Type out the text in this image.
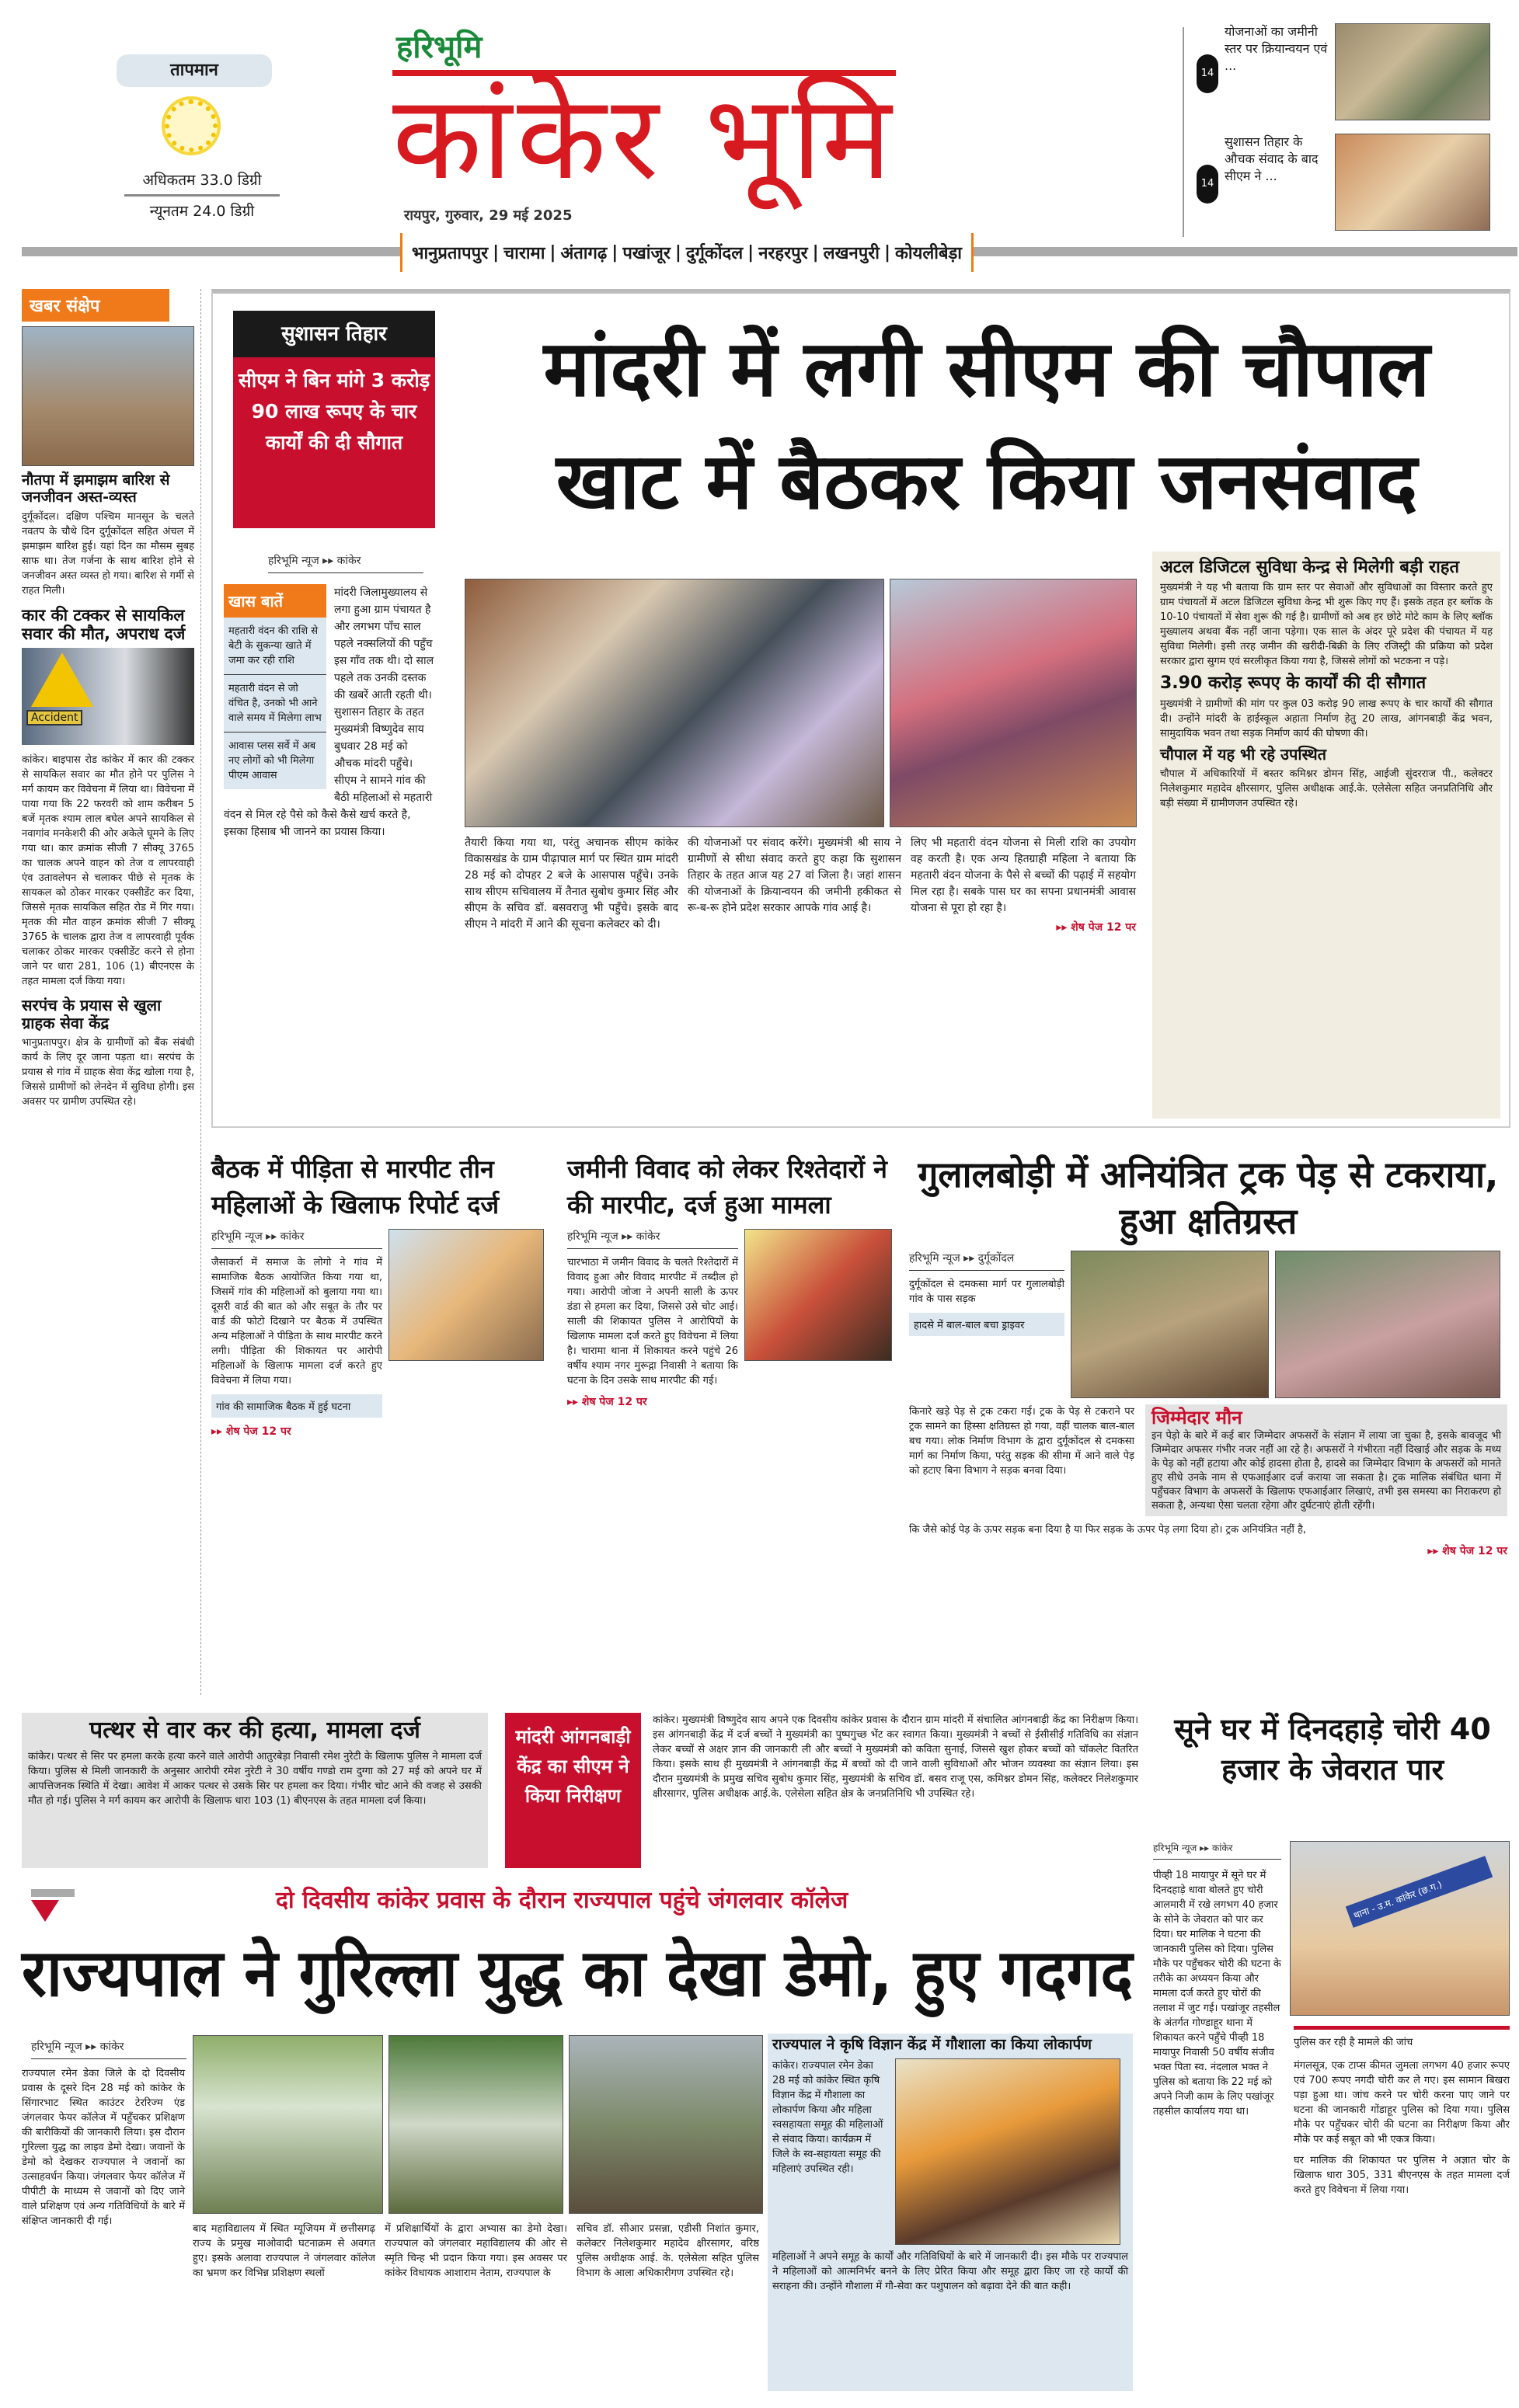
तापमान
अधिकतम 33.0 डिग्री
न्यूनतम 24.0 डिग्री
हरिभूमि
कांकेर भूमि
रायपुर, गुरुवार, 29 मई 2025
भानुप्रतापपुर | चारामा | अंतागढ़ | पखांजूर | दुर्गूकोंदल | नरहरपुर | लखनपुरी | कोयलीबेड़ा
14
योजनाओं का जमीनी स्तर पर क्रियान्वयन एवं ...
14
सुशासन तिहार के औचक संवाद के बाद सीएम ने ...
खबर संक्षेप
नौतपा में झमाझम बारिश से जनजीवन अस्त-व्यस्त
दुर्गूकोंदल। दक्षिण पश्चिम मानसून के चलते नवतप के चौथे दिन दुर्गूकोंदल सहित अंचल में झमाझम बारिश हुई। यहां दिन का मौसम सुबह साफ था। तेज गर्जना के साथ बारिश होने से जनजीवन अस्त व्यस्त हो गया। बारिश से गर्मी से राहत मिली।
कार की टक्कर से सायकिल सवार की मौत, अपराध दर्ज
Accident
कांकेर। बाइपास रोड कांकेर में कार की टक्कर से सायकिल सवार का मौत होने पर पुलिस ने मर्ग कायम कर विवेचना में लिया था। विवेचना में पाया गया कि 22 फरवरी को शाम करीबन 5 बजें मृतक श्याम लाल बघेल अपने सायकिल से नवागांव मनकेशरी की ओर अकेले घूमने के लिए गया था। कार क्रमांक सीजी 7 सीक्यू 3765 का चालक अपने वाहन को तेज व लापरवाही एंव उतावलेपन से चलाकर पीछे से मृतक के सायकल को ठोकर मारकर एक्सीडेंट कर दिया, जिससे मृतक सायकिल सहित रोड में गिर गया। मृतक की मौत वाहन क्रमांक सीजी 7 सीक्यू 3765 के चालक द्वारा तेज व लापरवाही पूर्वक चलाकर ठोकर मारकर एक्सीडेंट करने से होना जाने पर धारा 281, 106 (1) बीएनएस के तहत मामला दर्ज किया गया।
सरपंच के प्रयास से खुला ग्राहक सेवा केंद्र
भानुप्रतापपुर। क्षेत्र के ग्रामीणों को बैंक संबंधी कार्य के लिए दूर जाना पड़ता था। सरपंच के प्रयास से गांव में ग्राहक सेवा केंद्र खोला गया है, जिससे ग्रामीणों को लेनदेन में सुविधा होगी। इस अवसर पर ग्रामीण उपस्थित रहे।
सुशासन तिहार
सीएम ने बिन मांगे 3 करोड़ 90 लाख रूपए के चार कार्यों की दी सौगात
मांदरी में लगी सीएम की चौपाल
खाट में बैठकर किया जनसंवाद
हरिभूमि न्यूज ▸▸ कांकेर
खास बातें
महतारी वंदन की राशि से बेटी के सुकन्या खाते में जमा कर रही राशि
महतारी वंदन से जो वंचित है, उनको भी आने वाले समय में मिलेगा लाभ
आवास प्लस सर्वे में अब नए लोगों को भी मिलेगा पीएम आवास
मांदरी जिलामुख्यालय से लगा हुआ ग्राम पंचायत है और लगभग पाँच साल पहले नक्सलियों की पहुँच इस गाँव तक थी। दो साल पहले तक उनकी दस्तक की खबरें आती रहती थी। सुशासन तिहार के तहत मुख्यमंत्री विष्णुदेव साय बुधवार 28 मई को औचक मांदरी पहुँचे। सीएम ने सामने गांव की बैठी महिलाओं से महतारी वंदन से मिल रहे पैसे को कैसे कैसे खर्च करते है, इसका हिसाब भी जानने का प्रयास किया।
तैयारी किया गया था, परंतु अचानक सीएम कांकेर विकासखंड के ग्राम पीढ़ापाल मार्ग पर स्थित ग्राम मांदरी 28 मई को दोपहर 2 बजे के आसपास पहुँचे। उनके साथ सीएम सचिवालय में तैनात सुबोध कुमार सिंह और सीएम के सचिव डॉ. बसवराजु भी पहुँचे। इसके बाद सीएम ने मांदरी में आने की सूचना कलेक्टर को दी।
की योजनाओं पर संवाद करेंगे। मुख्यमंत्री श्री साय ने ग्रामीणों से सीधा संवाद करते हुए कहा कि सुशासन तिहार के तहत आज यह 27 वां जिला है। जहां शासन की योजनाओं के क्रियान्वयन की जमीनी हकीकत से रू-ब-रू होने प्रदेश सरकार आपके गांव आई है।
लिए भी महतारी वंदन योजना से मिली राशि का उपयोग वह करती है। एक अन्य हितग्राही महिला ने बताया कि महतारी वंदन योजना के पैसे से बच्चों की पढ़ाई में सहयोग मिल रहा है। सबके पास घर का सपना प्रधानमंत्री आवास योजना से पूरा हो रहा है।
▸▸ शेष पेज 12 पर
अटल डिजिटल सुविधा केन्द्र से मिलेगी बड़ी राहत
मुख्यमंत्री ने यह भी बताया कि ग्राम स्तर पर सेवाओं और सुविधाओं का विस्तार करते हुए ग्राम पंचायतों में अटल डिजिटल सुविधा केन्द्र भी शुरू किए गए हैं। इसके तहत हर ब्लॉक के 10-10 पंचायतों में सेवा शुरू की गई है। ग्रामीणों को अब हर छोटे मोटे काम के लिए ब्लॉक मुख्यालय अथवा बैंक नहीं जाना पड़ेगा। एक साल के अंदर पूरे प्रदेश की पंचायत में यह सुविधा मिलेगी। इसी तरह जमीन की खरीदी-बिक्री के लिए रजिस्ट्री की प्रक्रिया को प्रदेश सरकार द्वारा सुगम एवं सरलीकृत किया गया है, जिससे लोगों को भटकना न पड़े।
3.90 करोड़ रूपए के कार्यों की दी सौगात
मुख्यमंत्री ने ग्रामीणों की मांग पर कुल 03 करोड़ 90 लाख रूपए के चार कार्यों की सौगात दी। उन्होंने मांदरी के हाईस्कूल अहाता निर्माण हेतु 20 लाख, आंगनबाड़ी केंद्र भवन, सामुदायिक भवन तथा सड़क निर्माण कार्य की घोषणा की।
चौपाल में यह भी रहे उपस्थित
चौपाल में अधिकारियों में बस्तर कमिश्नर डोमन सिंह, आईजी सुंदरराज पी., कलेक्टर निलेशकुमार महादेव क्षीरसागर, पुलिस अधीक्षक आई.के. एलेसेला सहित जनप्रतिनिधि और बड़ी संख्या में ग्रामीणजन उपस्थित रहे।
बैठक में पीड़िता से मारपीट तीन महिलाओं के खिलाफ रिपोर्ट दर्ज
हरिभूमि न्यूज ▸▸ कांकेर
जैसाकर्रा में समाज के लोगो ने गांव में सामाजिक बैठक आयोजित किया गया था, जिसमें गांव की महिलाओं को बुलाया गया था। दूसरी वार्ड की बात को और सबूत के तौर पर वार्ड की फोटो दिखाने पर बैठक में उपस्थित अन्य महिलाओं ने पीड़िता के साथ मारपीट करने लगी। पीड़िता की शिकायत पर आरोपी महिलाओं के खिलाफ मामला दर्ज करते हुए विवेचना में लिया गया।
गांव की सामाजिक बैठक में हुई घटना
▸▸ शेष पेज 12 पर
जमीनी विवाद को लेकर रिश्तेदारों ने की मारपीट, दर्ज हुआ मामला
हरिभूमि न्यूज ▸▸ कांकेर
चारभाठा में जमीन विवाद के चलते रिश्तेदारों में विवाद हुआ और विवाद मारपीट में तब्दील हो गया। आरोपी जोजा ने अपनी साली के ऊपर डंडा से हमला कर दिया, जिससे उसे चोट आई। साली की शिकायत पुलिस ने आरोपियों के खिलाफ मामला दर्ज करते हुए विवेचना में लिया है। चारामा थाना में शिकायत करने पहुंचे 26 वर्षीय श्याम नगर मुरूद्गा निवासी ने बताया कि घटना के दिन उसके साथ मारपीट की गई।
▸▸ शेष पेज 12 पर
गुलालबोड़ी में अनियंत्रित ट्रक पेड़ से टकराया, हुआ क्षतिग्रस्त
हरिभूमि न्यूज ▸▸ दुर्गूकोंदल
दुर्गूकोंदल से दमकसा मार्ग पर गुलालबोड़ी गांव के पास सड़क
हादसे में बाल-बाल बचा ड्राइवर
किनारे खड़े पेड़ से ट्रक टकरा गई। ट्रक के पेड़ से टकराने पर ट्रक सामने का हिस्सा क्षतिग्रस्त हो गया, वहीं चालक बाल-बाल बच गया। लोक निर्माण विभाग के द्वारा दुर्गूकोंदल से दमकसा मार्ग का निर्माण किया, परंतु सड़क की सीमा में आने वाले पेड़ को हटाए बिना विभाग ने सड़क बनवा दिया।
जिम्मेदार मौन
इन पेड़ो के बारे में कई बार जिम्मेदार अफसरों के संज्ञान में लाया जा चुका है, इसके बावजूद भी जिम्मेदार अफसर गंभीर नजर नहीं आ रहे है। अफसरों ने गंभीरता नहीं दिखाई और सड़क के मध्य के पेड़ को नहीं हटाया और कोई हादसा होता है, हादसे का जिम्मेदार विभाग के अफसरों को मानते हुए सीधे उनके नाम से एफआईआर दर्ज कराया जा सकता है। ट्रक मालिक संबंधित थाना में पहुँचकर विभाग के अफसरों के खिलाफ एफआईआर लिखाएं, तभी इस समस्या का निराकरण हो सकता है, अन्यथा ऐसा चलता रहेगा और दुर्घटनाएं होती रहेंगी।
कि जैसे कोई पेड़ के ऊपर सड़क बना दिया है या फिर सड़क के ऊपर पेड़ लगा दिया हो। ट्रक अनियंत्रित नहीं है,
▸▸ शेष पेज 12 पर
पत्थर से वार कर की हत्या, मामला दर्ज
कांकेर। पत्थर से सिर पर हमला करके हत्या करने वाले आरोपी आतुरबेड़ा निवासी रमेश नुरेटी के खिलाफ पुलिस ने मामला दर्ज किया। पुलिस से मिली जानकारी के अनुसार आरोपी रमेश नुरेटी ने 30 वर्षीय गण्डो राम दुग्गा को 27 मई को अपने घर में आपत्तिजनक स्थिति में देखा। आवेश में आकर पत्थर से उसके सिर पर हमला कर दिया। गंभीर चोट आने की वजह से उसकी मौत हो गई। पुलिस ने मर्ग कायम कर आरोपी के खिलाफ धारा 103 (1) बीएनएस के तहत मामला दर्ज किया।
मांदरी आंगनबाड़ी केंद्र का सीएम ने किया निरीक्षण
कांकेर। मुख्यमंत्री विष्णुदेव साय अपने एक दिवसीय कांकेर प्रवास के दौरान ग्राम मांदरी में संचालित आंगनबाड़ी केंद्र का निरीक्षण किया। इस आंगनबाड़ी केंद्र में दर्ज बच्चों ने मुख्यमंत्री का पुष्पगुच्छ भेंट कर स्वागत किया। मुख्यमंत्री ने बच्चों से ईसीसीई गतिविधि का संज्ञान लेकर बच्चों से अक्षर ज्ञान की जानकारी ली और बच्चों ने मुख्यमंत्री को कविता सुनाई, जिससे खुश होकर बच्चों को चॉकलेट वितरित किया। इसके साथ ही मुख्यमंत्री ने आंगनबाड़ी केंद्र में बच्चों को दी जाने वाली सुविधाओं और भोजन व्यवस्था का संज्ञान लिया। इस दौरान मुख्यमंत्री के प्रमुख सचिव सुबोध कुमार सिंह, मुख्यमंत्री के सचिव डॉ. बसव राजू एस, कमिश्नर डोमन सिंह, कलेक्टर निलेशकुमार क्षीरसागर, पुलिस अधीक्षक आई.के. एलेसेला सहित क्षेत्र के जनप्रतिनिधि भी उपस्थित रहे।
सूने घर में दिनदहाड़े चोरी 40 हजार के जेवरात पार
हरिभूमि न्यूज ▸▸ कांकेर
थाना - उ.म. कांकेर (छ.ग.)
पीव्ही 18 मायापुर में सूने घर में दिनदहाड़े धावा बोलते हुए चोरी आलमारी में रखे लगभग 40 हजार के सोने के जेवरात को पार कर दिया। घर मालिक ने घटना की जानकारी पुलिस को दिया। पुलिस मौके पर पहुँचकर चोरी की घटना के तरीके का अध्ययन किया और मामला दर्ज करते हुए चोरों की तलाश में जुट गई। पखांजूर तहसील के अंतर्गत गोण्डाहूर थाना में शिकायत करने पहुँचे पीव्ही 18 मायापुर निवासी 50 वर्षीय संजीव भक्त पिता स्व. नंदलाल भक्त ने पुलिस को बताया कि 22 मई को अपने निजी काम के लिए पखांजूर तहसील कार्यालय गया था।
पुलिस कर रही है मामले की जांच
मंगलसूत्र, एक टाप्स कीमत जुमला लगभग 40 हजार रूपए एवं 700 रूपए नगदी चोरी कर ले गए। इस सामान बिखरा पड़ा हुआ था। जांच करने पर चोरी करना पाए जाने पर घटना की जानकारी गोंडाहूर पुलिस को दिया गया। पुलिस मौके पर पहुँचकर चोरी की घटना का निरीक्षण किया और मौके पर कई सबूत को भी एकत्र किया।
घर मालिक की शिकायत पर पुलिस ने अज्ञात चोर के खिलाफ धारा 305, 331 बीएनएस के तहत मामला दर्ज करते हुए विवेचना में लिया गया।
दो दिवसीय कांकेर प्रवास के दौरान राज्यपाल पहुंचे जंगलवार कॉलेज
राज्यपाल ने गुरिल्ला युद्ध का देखा डेमो, हुए गदगद
हरिभूमि न्यूज ▸▸ कांकेर
राज्यपाल रमेन डेका जिले के दो दिवसीय प्रवास के दूसरे दिन 28 मई को कांकेर के सिंगारभाट स्थित काउंटर टेररिज्म एंड जंगलवार फेयर कॉलेज में पहुँचकर प्रशिक्षण की बारीकियों की जानकारी लिया। इस दौरान गुरिल्ला युद्ध का लाइव डेमो देखा। जवानों के डेमो को देखकर राज्यपाल ने जवानों का उत्साहवर्धन किया। जंगलवार फेयर कॉलेज में पीपीटी के माध्यम से जवानों को दिए जाने वाले प्रशिक्षण एवं अन्य गतिविधियों के बारे में संक्षिप्त जानकारी दी गई।
बाद महाविद्यालय में स्थित म्यूजियम में छत्तीसगढ़ राज्य के प्रमुख माओवादी घटनाक्रम से अवगत हुए। इसके अलावा राज्यपाल ने जंगलवार कॉलेज का भ्रमण कर विभिन्न प्रशिक्षण स्थलों
में प्रशिक्षार्थियों के द्वारा अभ्यास का डेमो देखा। राज्यपाल को जंगलवार महाविद्यालय की ओर से स्मृति चिन्ह भी प्रदान किया गया। इस अवसर पर कांकेर विधायक आशाराम नेताम, राज्यपाल के
सचिव डॉ. सीआर प्रसन्ना, एडीसी निशांत कुमार, कलेक्टर निलेशकुमार महादेव क्षीरसागर, वरिष्ठ पुलिस अधीक्षक आई. के. एलेसेला सहित पुलिस विभाग के आला अधिकारीगण उपस्थित रहे।
राज्यपाल ने कृषि विज्ञान केंद्र में गौशाला का किया लोकार्पण
कांकेर। राज्यपाल रमेन डेका 28 मई को कांकेर स्थित कृषि विज्ञान केंद्र में गौशाला का लोकार्पण किया और महिला स्वसहायता समूह की महिलाओं से संवाद किया। कार्यक्रम में जिले के स्व-सहायता समूह की महिलाएं उपस्थित रही।
महिलाओं ने अपने समूह के कार्यों और गतिविधियों के बारे में जानकारी दी। इस मौके पर राज्यपाल ने महिलाओं को आत्मनिर्भर बनने के लिए प्रेरित किया और समूह द्वारा किए जा रहे कार्यों की सराहना की। उन्होंने गौशाला में गौ-सेवा कर पशुपालन को बढ़ावा देने की बात कही।
